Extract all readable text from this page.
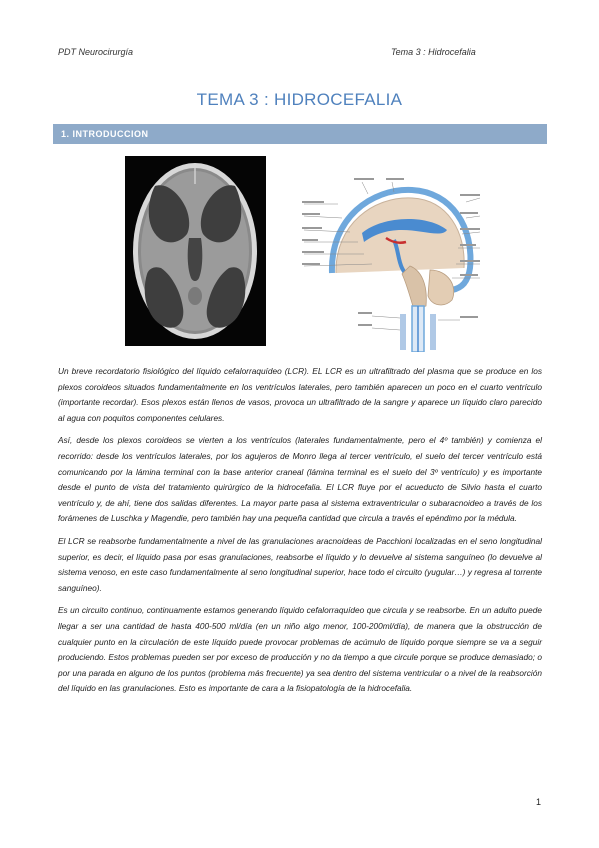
PDT Neurocirurgía	Tema 3 : Hidrocefalia
TEMA 3 : HIDROCEFALIA
1. INTRODUCCION

Un breve recordatorio fisiológico del líquido cefalorraquídeo (LCR). EL LCR es un ultrafiltrado del plasma que se produce en los plexos coroideos situados fundamentalmente en los ventrículos laterales, pero también aparecen un poco en el cuarto ventrículo (importante recordar). Esos plexos están llenos de vasos, provoca un ultrafiltrado de la sangre y aparece un líquido claro parecido al agua con poquitos componentes celulares.

Así, desde los plexos coroideos se vierten a los ventrículos (laterales fundamentalmente, pero el 4º también) y comienza el recorrido: desde los ventrículos laterales, por los agujeros de Monro llega al tercer ventrículo, el suelo del tercer ventrículo está comunicando por la lámina terminal con la base anterior craneal (lámina terminal es el suelo del 3º ventrículo) y es importante desde el punto de vista del tratamiento quirúrgico de la hidrocefalia. El LCR fluye por el acueducto de Silvio hasta el cuarto ventrículo y, de ahí, tiene dos salidas diferentes. La mayor parte pasa al sistema extraventricular o subaracnoideo a través de los forámenes de Luschka y Magendie, pero también hay una pequeña cantidad que circula a través el epéndimo por la médula.

El LCR se reabsorbe fundamentalmente a nivel de las granulaciones aracnoideas de Pacchioni localizadas en el seno longitudinal superior, es decir, el líquido pasa por esas granulaciones, reabsorbe el líquido y lo devuelve al sistema sanguíneo (lo devuelve al sistema venoso, en este caso fundamentalmente al seno longitudinal superior, hace todo el circuito (yugular…) y regresa al torrente sanguíneo).

Es un circuito continuo, continuamente estamos generando líquido cefalorraquídeo que circula y se reabsorbe. En un adulto puede llegar a ser una cantidad de hasta 400-500 ml/día (en un niño algo menor, 100-200ml/día), de manera que la obstrucción de cualquier punto en la circulación de este líquido puede provocar problemas de acúmulo de líquido porque siempre se va a seguir produciendo. Estos problemas pueden ser por exceso de producción y no da tiempo a que circule porque se produce demasiado; o por una parada en alguno de los puntos (problema más frecuente) ya sea dentro del sistema ventricular o a nivel de la reabsorción del líquido en las granulaciones. Esto es importante de cara a la fisiopatología de la hidrocefalia.

1
